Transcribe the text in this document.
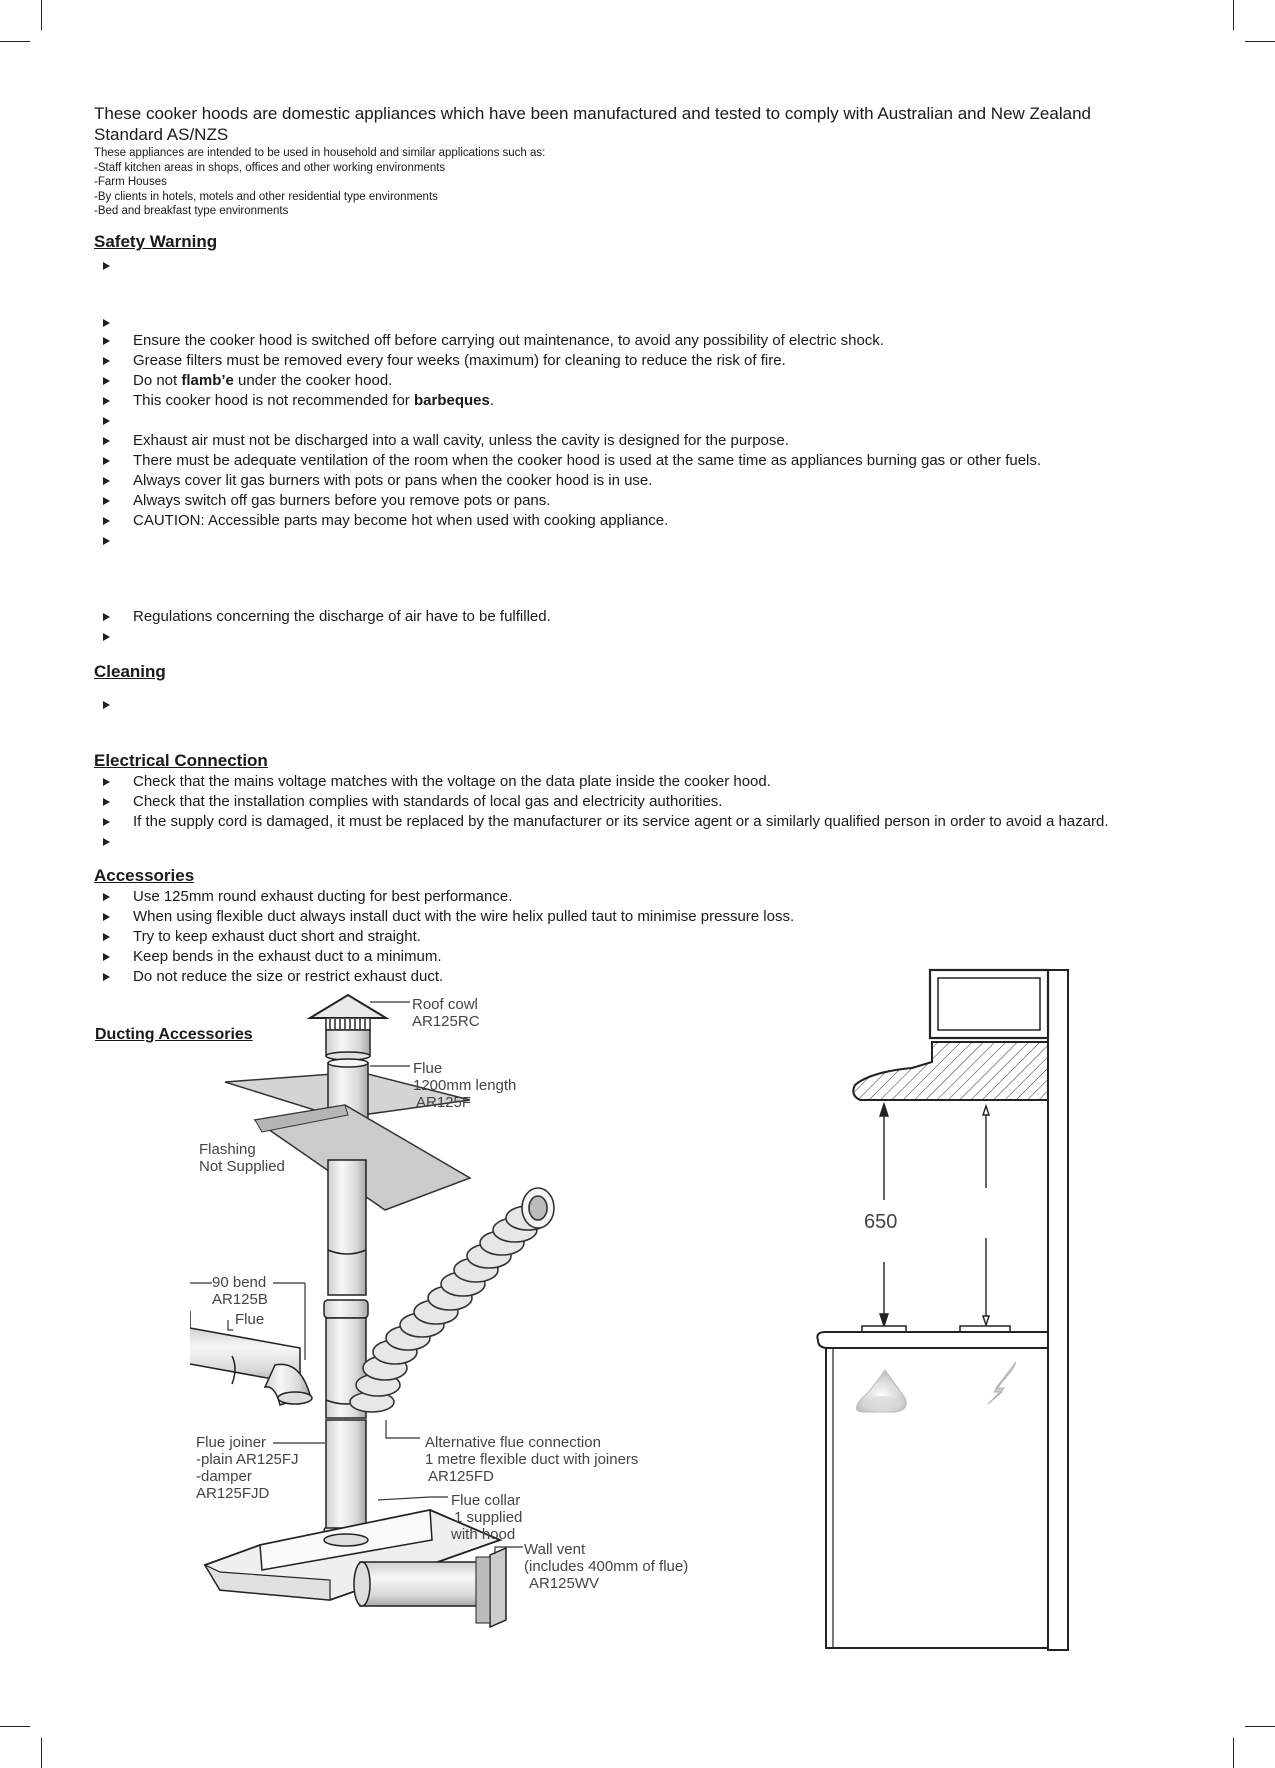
These cooker hoods are domestic appliances which have been manufactured and tested to comply with Australian and New Zealand
Standard AS/NZS
These appliances are intended to be used in household and similar applications such as:
-Staff kitchen areas in shops, offices and other working environments
-Farm Houses
-By clients in hotels, motels and other residential type environments
-Bed and breakfast type environments
Safety Warning
Ensure the cooker hood is switched off before carrying out maintenance, to avoid any possibility of electric shock.
Grease filters must be removed every four weeks (maximum) for cleaning to reduce the risk of fire.
Do not flamb’e under the cooker hood.
This cooker hood is not recommended for barbeques.
Exhaust air must not be discharged into a wall cavity, unless the cavity is designed for the purpose.
There must be adequate ventilation of the room when the cooker hood is used at the same time as appliances burning gas or other fuels.
Always cover lit gas burners with pots or pans when the cooker hood is in use.
Always switch off gas burners before you remove pots or pans.
CAUTION: Accessible parts may become hot when used with cooking appliance.
Regulations concerning the discharge of air have to be fulfilled.
Cleaning
Electrical Connection
Check that the mains voltage matches with the voltage on the data plate inside the cooker hood.
Check that the installation complies with standards of local gas and electricity authorities.
If the supply cord is damaged, it must be replaced by the manufacturer or its service agent or a similarly qualified person in order to avoid a hazard.
Accessories
Use 125mm round exhaust ducting for best performance.
When using flexible duct always install duct with the wire helix pulled taut to minimise pressure loss.
Try to keep exhaust duct short and straight.
Keep bends in the exhaust duct to a minimum.
Do not reduce the size or restrict exhaust duct.
Ducting Accessories
Roof cowl
AR125RC
Flue
1200mm length
AR125F
Flashing
Not Supplied
90 bend
AR125B
Flue
Flue joiner
-plain AR125FJ
-damper
AR125FJD
Alternative flue connection
1 metre flexible duct with joiners
AR125FD
Flue collar
1 supplied
with hood
Wall vent
(includes 400mm of flue)
AR125WV
650
